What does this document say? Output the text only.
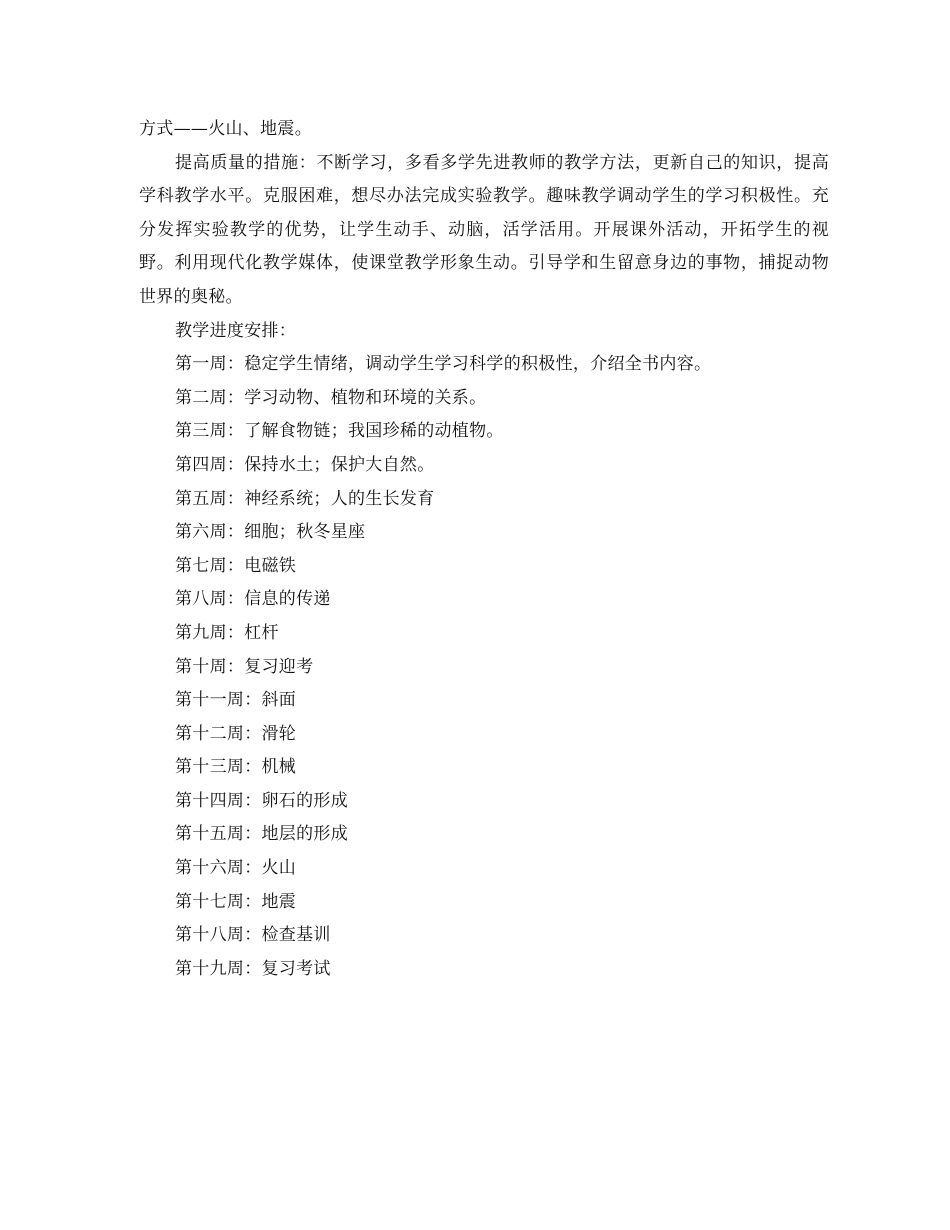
方式——火山、地震。

提高质量的措施：不断学习，多看多学先进教师的教学方法，更新自己的知识，提高学科教学水平。克服困难，想尽办法完成实验教学。趣味教学调动学生的学习积极性。充分发挥实验教学的优势，让学生动手、动脑，活学活用。开展课外活动，开拓学生的视野。利用现代化教学媒体，使课堂教学形象生动。引导学和生留意身边的事物，捕捉动物世界的奥秘。

教学进度安排：

第一周：稳定学生情绪，调动学生学习科学的积极性，介绍全书内容。
第二周：学习动物、植物和环境的关系。
第三周：了解食物链；我国珍稀的动植物。
第四周：保持水土；保护大自然。
第五周：神经系统；人的生长发育
第六周：细胞；秋冬星座
第七周：电磁铁
第八周：信息的传递
第九周：杠杆
第十周：复习迎考
第十一周：斜面
第十二周：滑轮
第十三周：机械
第十四周：卵石的形成
第十五周：地层的形成
第十六周：火山
第十七周：地震
第十八周：检查基训
第十九周：复习考试
